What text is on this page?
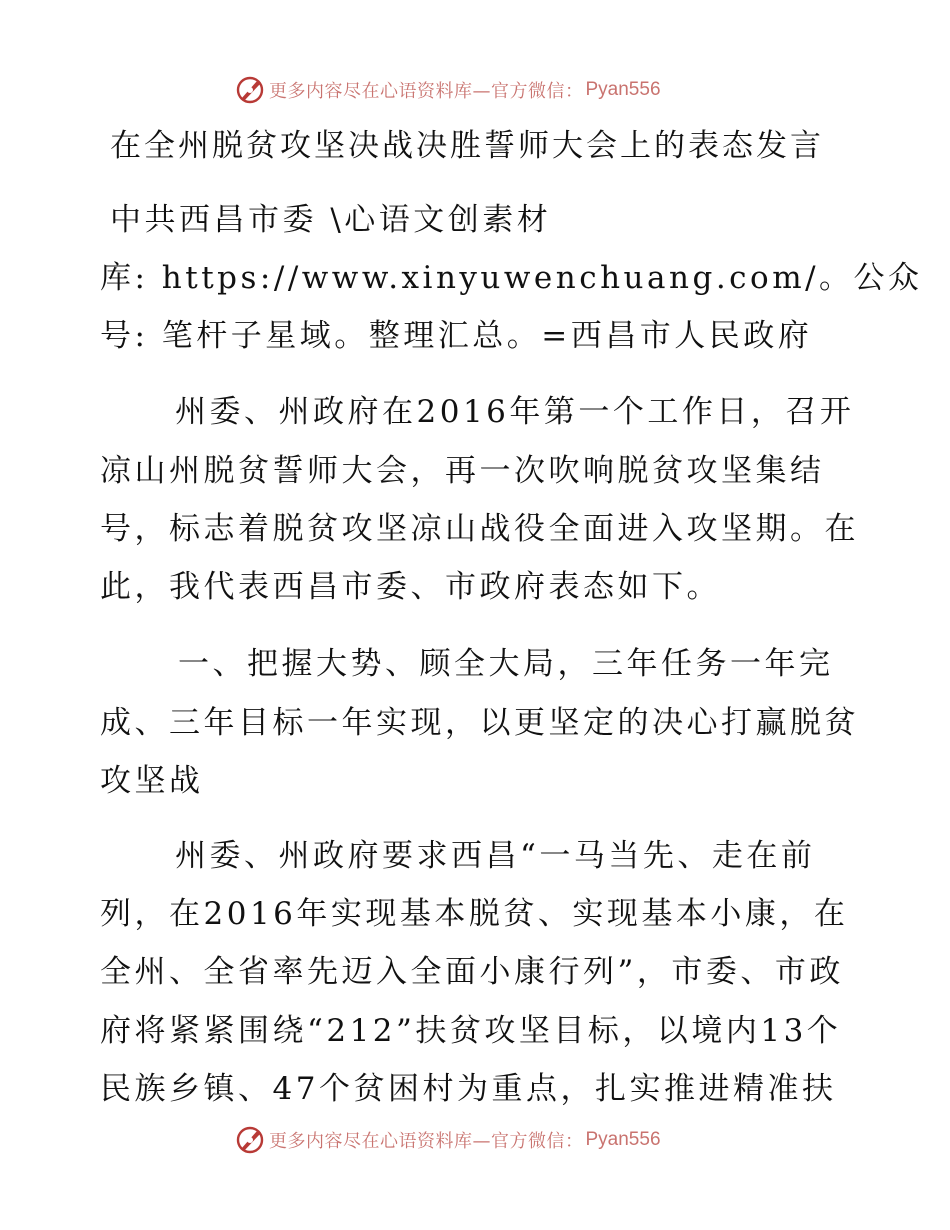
更多内容尽在心语资料库—官方微信： Pyan556
在全州脱贫攻坚决战决胜誓师大会上的表态发言
中共西昌市委 \心语文创素材
库: https://www.xinyuwenchuang.com/。公众
号: 笔杆子星域。整理汇总。=西昌市人民政府
州委、州政府在2016年第一个工作日，召开
凉山州脱贫誓师大会，再一次吹响脱贫攻坚集结
号，标志着脱贫攻坚凉山战役全面进入攻坚期。在
此，我代表西昌市委、市政府表态如下。
一、把握大势、顾全大局，三年任务一年完
成、三年目标一年实现，以更坚定的决心打赢脱贫
攻坚战
州委、州政府要求西昌“一马当先、走在前
列，在2016年实现基本脱贫、实现基本小康，在
全州、全省率先迈入全面小康行列”，市委、市政
府将紧紧围绕“212”扶贫攻坚目标，以境内13个
民族乡镇、47个贫困村为重点，扎实推进精准扶
更多内容尽在心语资料库—官方微信： Pyan556
